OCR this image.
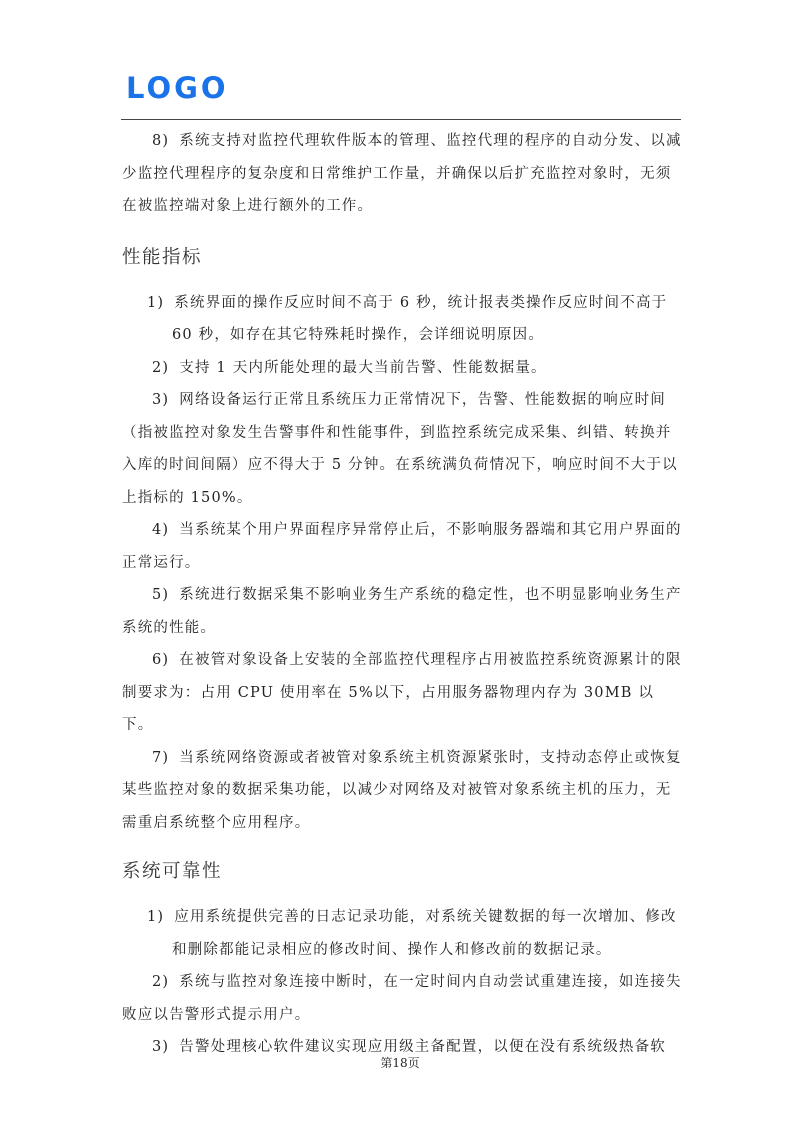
LOGO

8) 系统支持对监控代理软件版本的管理、监控代理的程序的自动分发、以减少监控代理程序的复杂度和日常维护工作量，并确保以后扩充监控对象时，无须在被监控端对象上进行额外的工作。

性能指标

1) 系统界面的操作反应时间不高于 6 秒，统计报表类操作反应时间不高于 60 秒，如存在其它特殊耗时操作，会详细说明原因。

2) 支持 1 天内所能处理的最大当前告警、性能数据量。

3) 网络设备运行正常且系统压力正常情况下，告警、性能数据的响应时间（指被监控对象发生告警事件和性能事件，到监控系统完成采集、纠错、转换并入库的时间间隔）应不得大于 5 分钟。在系统满负荷情况下，响应时间不大于以上指标的 150%。

4) 当系统某个用户界面程序异常停止后，不影响服务器端和其它用户界面的正常运行。

5) 系统进行数据采集不影响业务生产系统的稳定性，也不明显影响业务生产系统的性能。

6) 在被管对象设备上安装的全部监控代理程序占用被监控系统资源累计的限制要求为：占用 CPU 使用率在 5%以下，占用服务器物理内存为 30MB 以下。

7) 当系统网络资源或者被管对象系统主机资源紧张时，支持动态停止或恢复某些监控对象的数据采集功能，以减少对网络及对被管对象系统主机的压力，无需重启系统整个应用程序。

系统可靠性

1) 应用系统提供完善的日志记录功能，对系统关键数据的每一次增加、修改和删除都能记录相应的修改时间、操作人和修改前的数据记录。

2) 系统与监控对象连接中断时，在一定时间内自动尝试重建连接，如连接失败应以告警形式提示用户。

3) 告警处理核心软件建议实现应用级主备配置，以便在没有系统级热备软

第18页
